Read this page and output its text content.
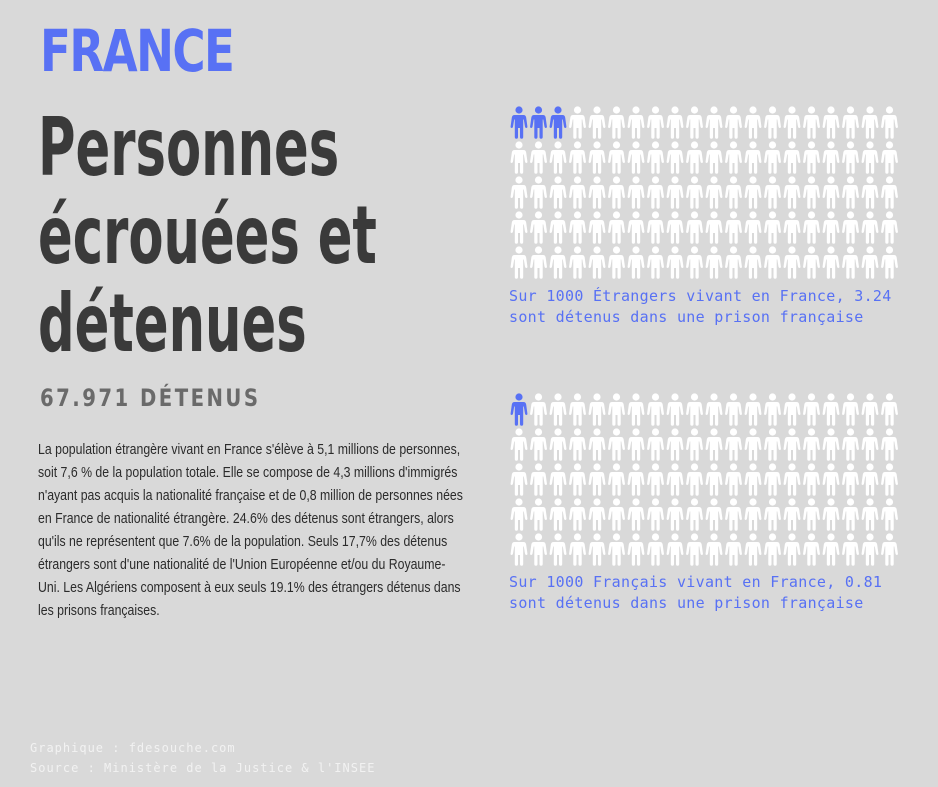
FRANCE
Personnes
écrouées et
détenues
67.971 DÉTENUS
La population étrangère vivant en France s'élève à 5,1 millions de personnes, soit 7,6 % de la population totale. Elle se compose de 4,3 millions d'immigrés n'ayant pas acquis la nationalité française et de 0,8 million de personnes nées en France de nationalité étrangère. 24.6% des détenus sont étrangers, alors qu'ils ne représentent que 7.6% de la population. Seuls 17,7% des détenus étrangers sont d'une nationalité de l'Union Européenne et/ou du Royaume-Uni. Les Algériens composent à eux seuls 19.1% des étrangers détenus dans les prisons françaises.
Sur 1000 Étrangers vivant en France, 3.24 sont détenus dans une prison française
Sur 1000 Français vivant en France, 0.81 sont détenus dans une prison française
Graphique : fdesouche.com
Source : Ministère de la Justice & l'INSEE
